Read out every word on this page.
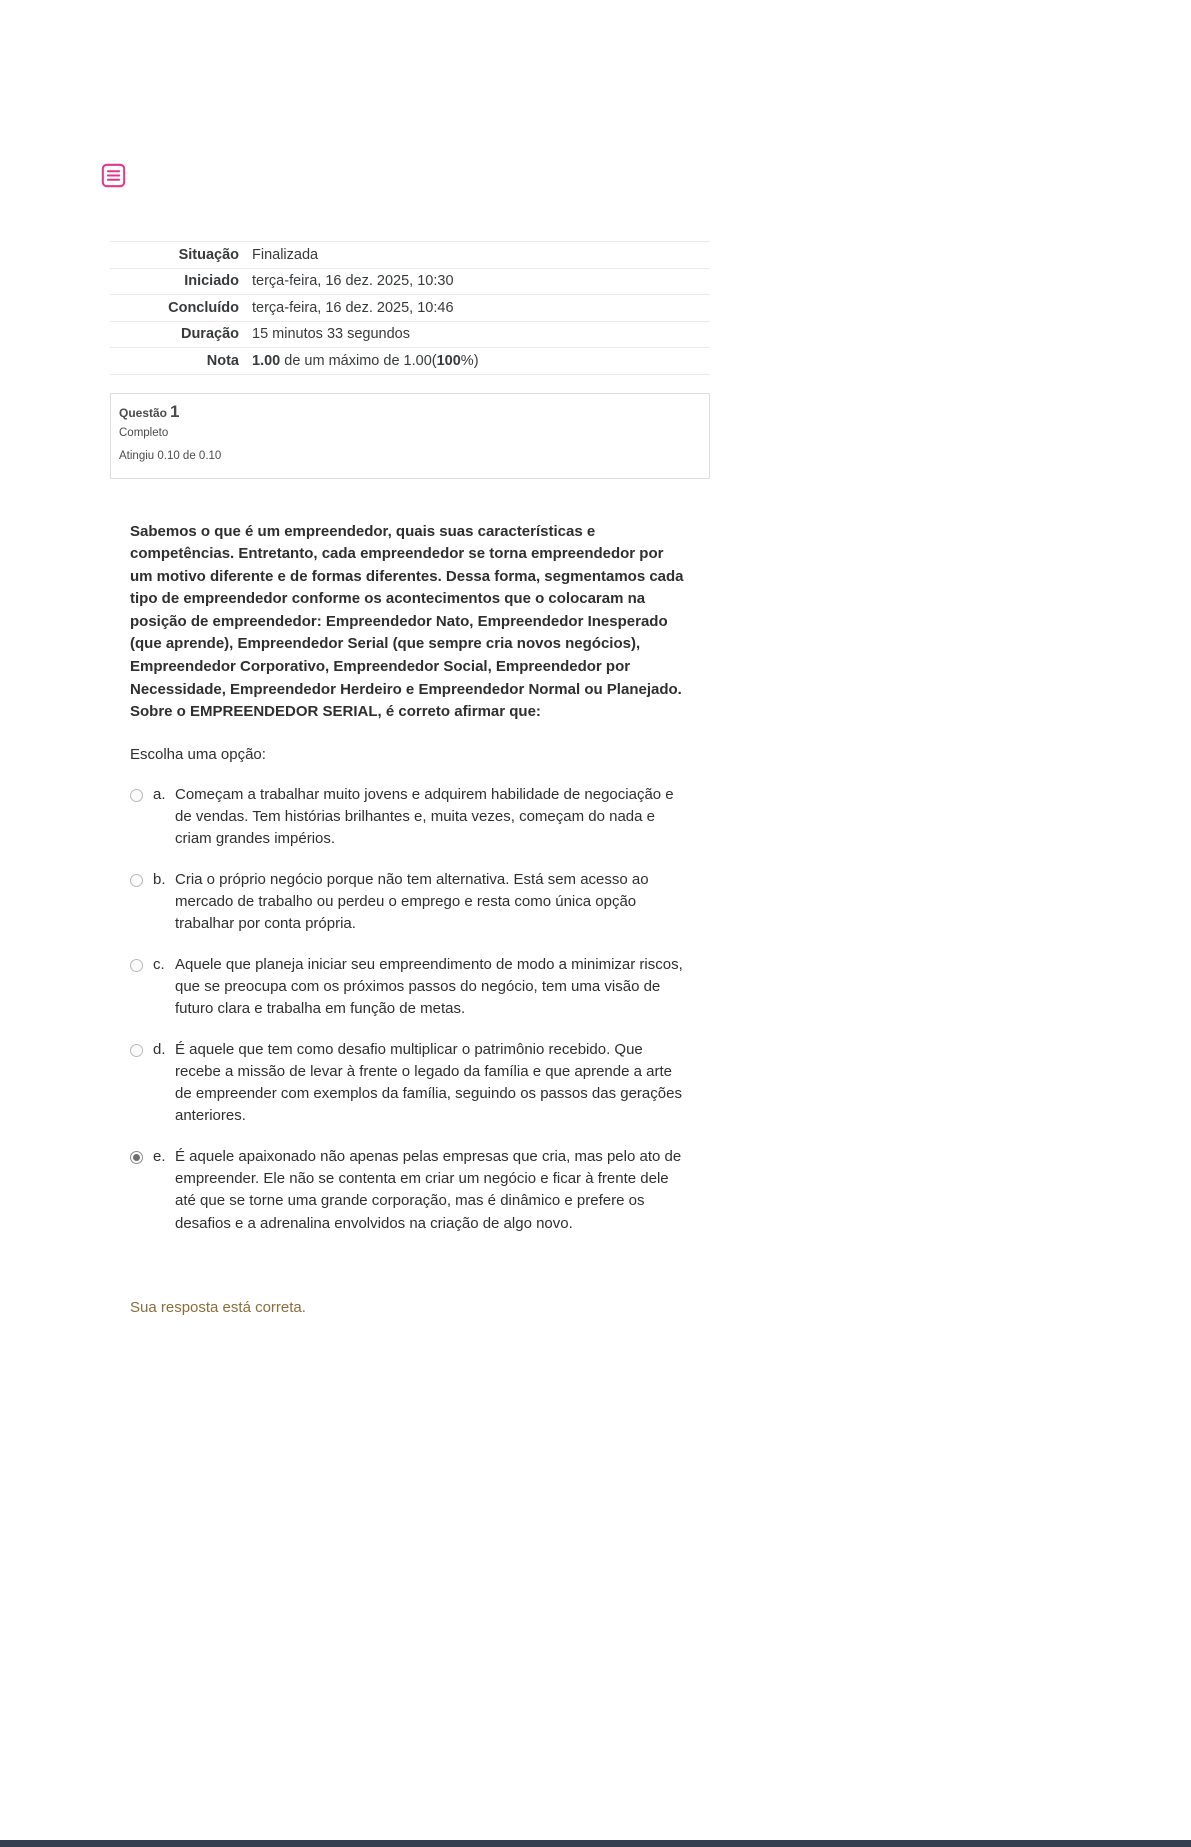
Situação Finalizada
Iniciado terça-feira, 16 dez. 2025, 10:30
Concluído terça-feira, 16 dez. 2025, 10:46
Duração 15 minutos 33 segundos
Nota 1.00 de um máximo de 1.00(100%)
Questão 1
Completo
Atingiu 0.10 de 0.10

Sabemos o que é um empreendedor, quais suas características e competências. Entretanto, cada empreendedor se torna empreendedor por um motivo diferente e de formas diferentes. Dessa forma, segmentamos cada tipo de empreendedor conforme os acontecimentos que o colocaram na posição de empreendedor: Empreendedor Nato, Empreendedor Inesperado (que aprende), Empreendedor Serial (que sempre cria novos negócios), Empreendedor Corporativo, Empreendedor Social, Empreendedor por Necessidade, Empreendedor Herdeiro e Empreendedor Normal ou Planejado. Sobre o EMPREENDEDOR SERIAL, é correto afirmar que:

Escolha uma opção:
a. Começam a trabalhar muito jovens e adquirem habilidade de negociação e de vendas. Tem histórias brilhantes e, muita vezes, começam do nada e criam grandes impérios.
b. Cria o próprio negócio porque não tem alternativa. Está sem acesso ao mercado de trabalho ou perdeu o emprego e resta como única opção trabalhar por conta própria.
c. Aquele que planeja iniciar seu empreendimento de modo a minimizar riscos, que se preocupa com os próximos passos do negócio, tem uma visão de futuro clara e trabalha em função de metas.
d. É aquele que tem como desafio multiplicar o patrimônio recebido. Que recebe a missão de levar à frente o legado da família e que aprende a arte de empreender com exemplos da família, seguindo os passos das gerações anteriores.
e. É aquele apaixonado não apenas pelas empresas que cria, mas pelo ato de empreender. Ele não se contenta em criar um negócio e ficar à frente dele até que se torne uma grande corporação, mas é dinâmico e prefere os desafios e a adrenalina envolvidos na criação de algo novo.
Sua resposta está correta.
